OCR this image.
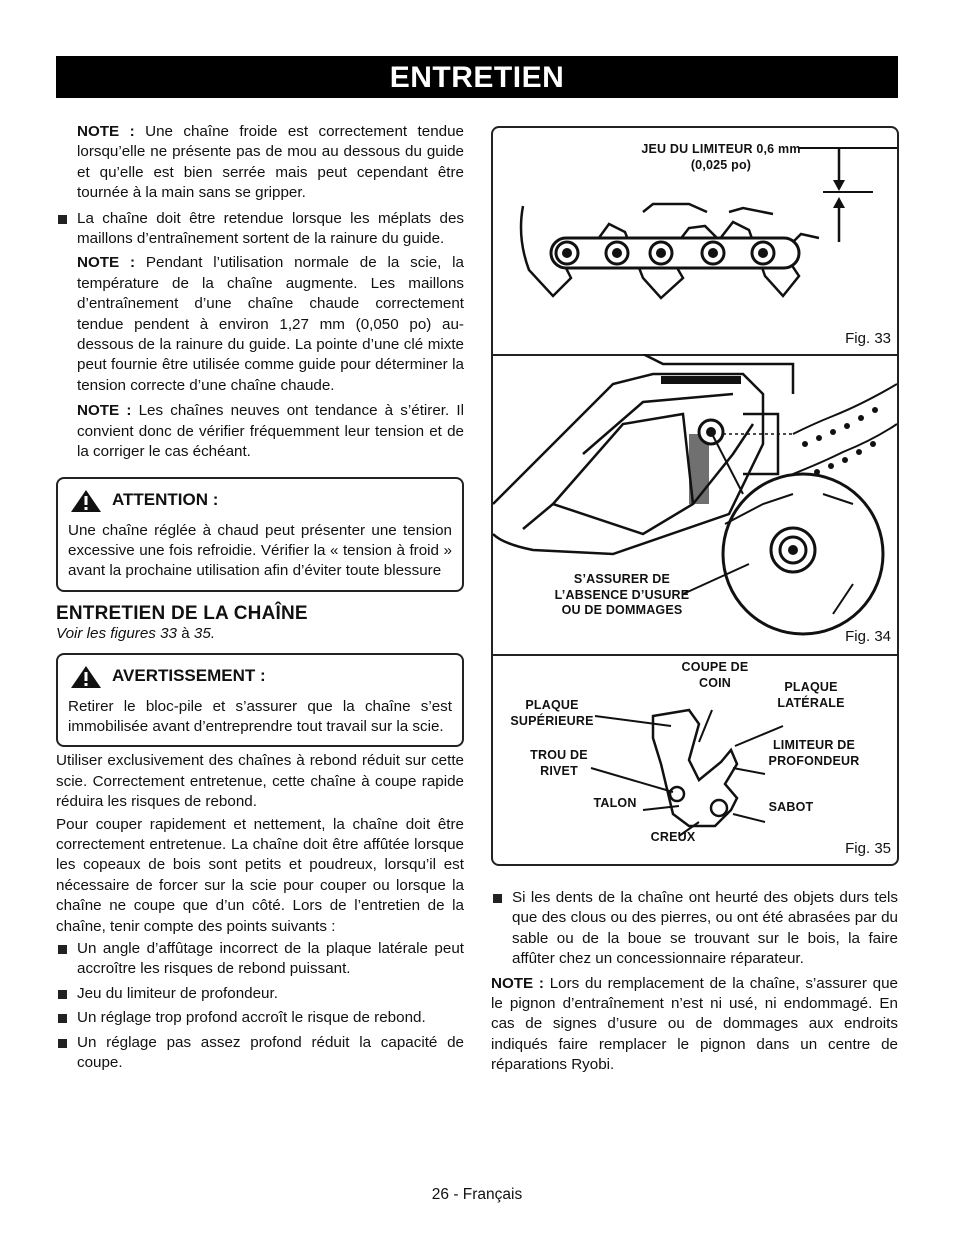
ENTRETIEN

NOTE : Une chaîne froide est correctement tendue lorsqu’elle ne présente pas de mou au dessous du guide et qu’elle est bien serrée mais peut cependant être tournée à la main sans se gripper.

La chaîne doit être retendue lorsque les méplats des maillons d’entraînement sortent de la rainure du guide.

NOTE : Pendant l’utilisation normale de la scie, la température de la chaîne augmente. Les maillons d’entraînement d’une chaîne chaude correctement tendue pendent à environ 1,27 mm (0,050 po) au-dessous de la rainure du guide. La pointe d’une clé mixte peut fournie être utilisée comme guide pour déterminer la tension correcte d’une chaîne chaude.

NOTE : Les chaînes neuves ont tendance à s’étirer. Il convient donc de vérifier fréquemment leur tension et de la corriger le cas échéant.

ATTENTION :
Une chaîne réglée à chaud peut présenter une tension excessive une fois refroidie. Vérifier la « tension à froid » avant la prochaine utilisation afin d’éviter toute blessure
ENTRETIEN DE LA CHAÎNE
Voir les figures 33 à 35.
AVERTISSEMENT :
Retirer le bloc-pile et s’assurer que la chaîne s’est immobilisée avant d’entreprendre tout travail sur la scie.

Utiliser exclusivement des chaînes à rebond réduit sur cette scie. Correctement entretenue, cette chaîne à coupe rapide réduira les risques de rebond.

Pour couper rapidement et nettement, la chaîne doit être correctement entretenue. La chaîne doit être affûtée lorsque les copeaux de bois sont petits et poudreux, lorsqu’il est nécessaire de forcer sur la scie pour couper ou lorsque la chaîne ne coupe que d’un côté. Lors de l’entretien de la chaîne, tenir compte des points suivants :

Un angle d’affûtage incorrect de la plaque latérale peut accroître les risques de rebond puissant.

Jeu du limiteur de profondeur.

Un réglage trop profond accroît le risque de rebond.

Un réglage pas assez profond réduit la capacité de coupe.

JEU DU LIMITEUR 0,6 mm
(0,025 po)
Fig. 33
S’ASSURER DE
L’ABSENCE D’USURE
OU DE DOMMAGES
Fig. 34
COUPE DE
COIN	PLAQUE
LATÉRALE
PLAQUE
SUPÉRIEURE
LIMITEUR DE
PROFONDEUR
TROU DE
RIVET
TALON	SABOT
CREUX
Fig. 35

Si les dents de la chaîne ont heurté des objets durs tels que des clous ou des pierres, ou ont été abrasées par du sable ou de la boue se trouvant sur le bois, la faire affûter chez un concessionnaire réparateur.

NOTE : Lors du remplacement de la chaîne, s’assurer que le pignon d’entraînement n’est ni usé, ni endommagé. En cas de signes d’usure ou de dommages aux endroits indiqués faire remplacer le pignon dans un centre de réparations Ryobi.

26 - Français
